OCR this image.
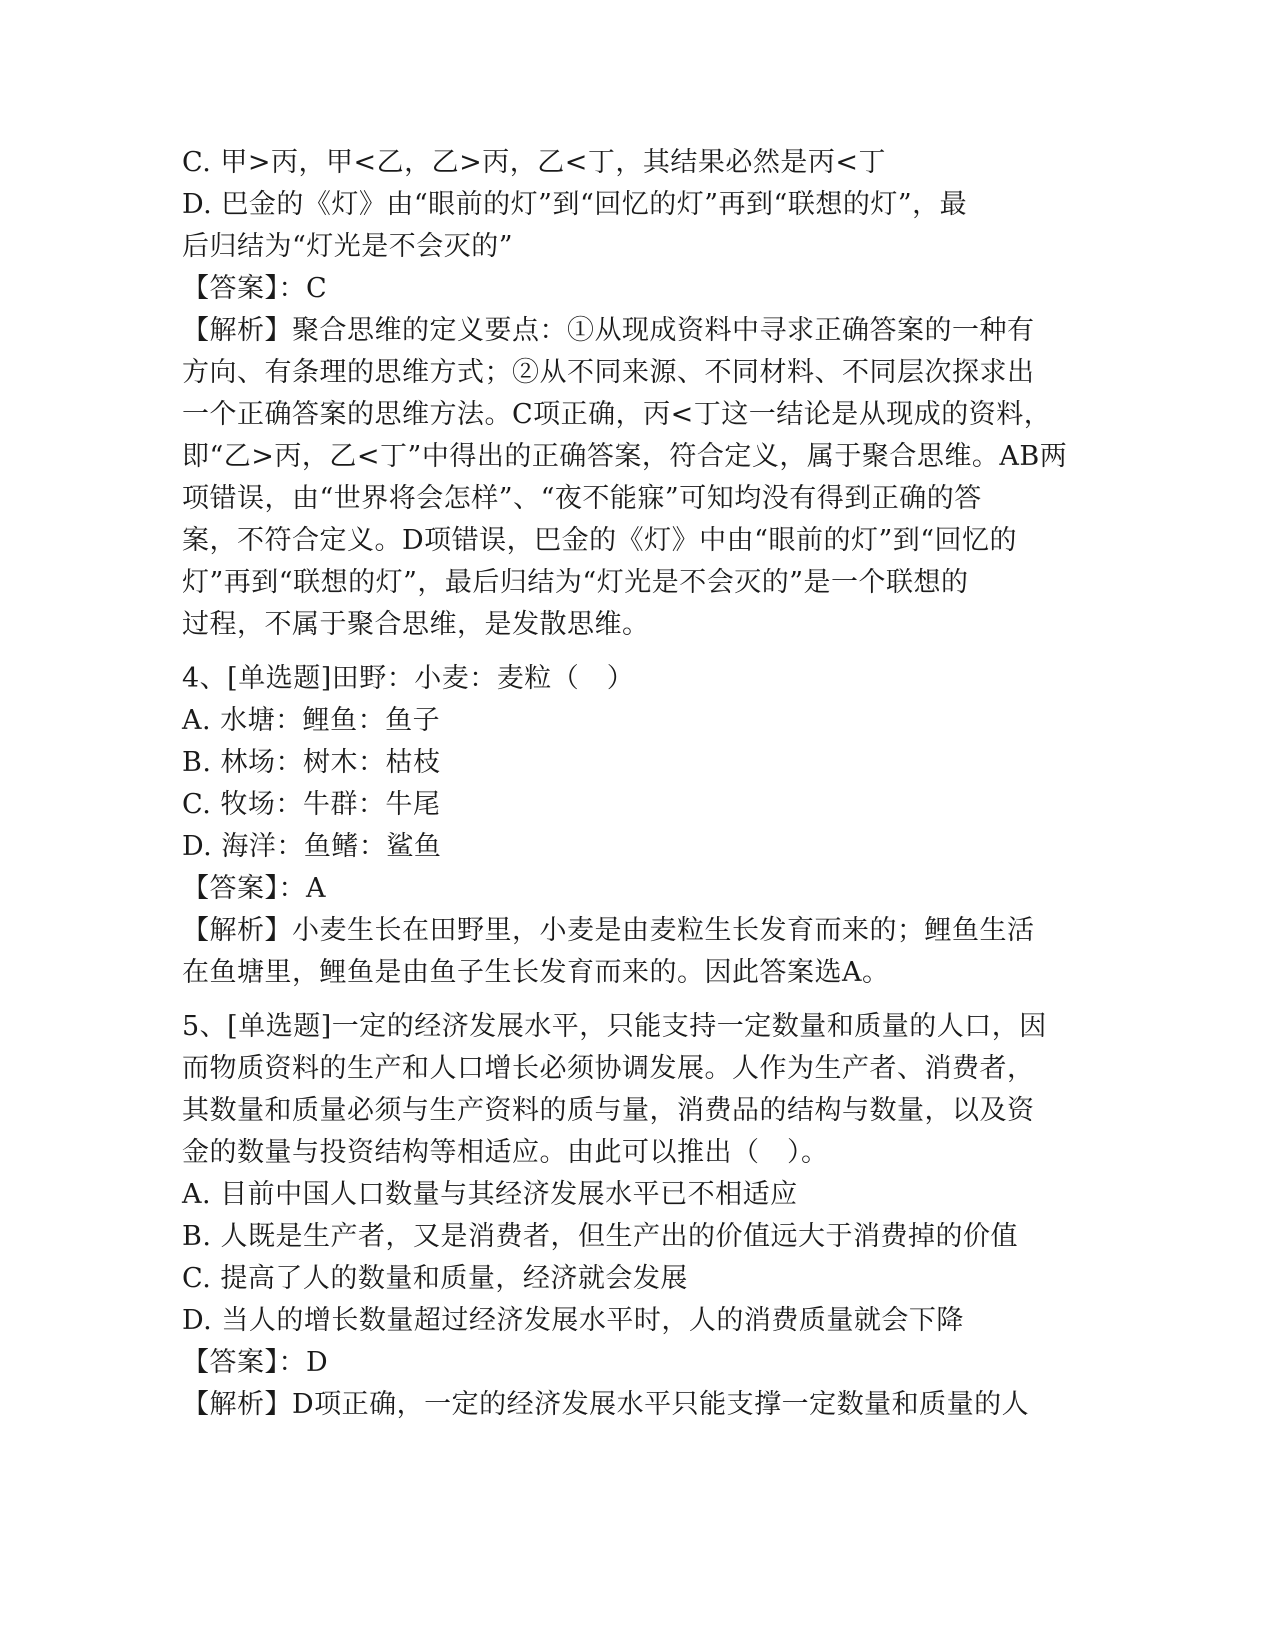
C. 甲>丙，甲<乙，乙>丙，乙<丁，其结果必然是丙<丁
D. 巴金的《灯》由“眼前的灯”到“回忆的灯”再到“联想的灯”，最
后归结为“灯光是不会灭的”
【答案】：C
【解析】聚合思维的定义要点：①从现成资料中寻求正确答案的一种有
方向、有条理的思维方式；②从不同来源、不同材料、不同层次探求出
一个正确答案的思维方法。C项正确，丙<丁这一结论是从现成的资料，
即“乙>丙，乙<丁”中得出的正确答案，符合定义，属于聚合思维。AB两
项错误，由“世界将会怎样”、“夜不能寐”可知均没有得到正确的答
案，不符合定义。D项错误，巴金的《灯》中由“眼前的灯”到“回忆的
灯”再到“联想的灯”，最后归结为“灯光是不会灭的”是一个联想的
过程，不属于聚合思维，是发散思维。
4、[单选题]田野：小麦：麦粒（　）
A. 水塘：鲤鱼：鱼子
B. 林场：树木：枯枝
C. 牧场：牛群：牛尾
D. 海洋：鱼鳍：鲨鱼
【答案】：A
【解析】小麦生长在田野里，小麦是由麦粒生长发育而来的；鲤鱼生活
在鱼塘里，鲤鱼是由鱼子生长发育而来的。因此答案选A。
5、[单选题]一定的经济发展水平，只能支持一定数量和质量的人口，因
而物质资料的生产和人口增长必须协调发展。人作为生产者、消费者，
其数量和质量必须与生产资料的质与量，消费品的结构与数量，以及资
金的数量与投资结构等相适应。由此可以推出（　）。
A. 目前中国人口数量与其经济发展水平已不相适应
B. 人既是生产者，又是消费者，但生产出的价值远大于消费掉的价值
C. 提高了人的数量和质量，经济就会发展
D. 当人的增长数量超过经济发展水平时，人的消费质量就会下降
【答案】：D
【解析】D项正确，一定的经济发展水平只能支撑一定数量和质量的人
